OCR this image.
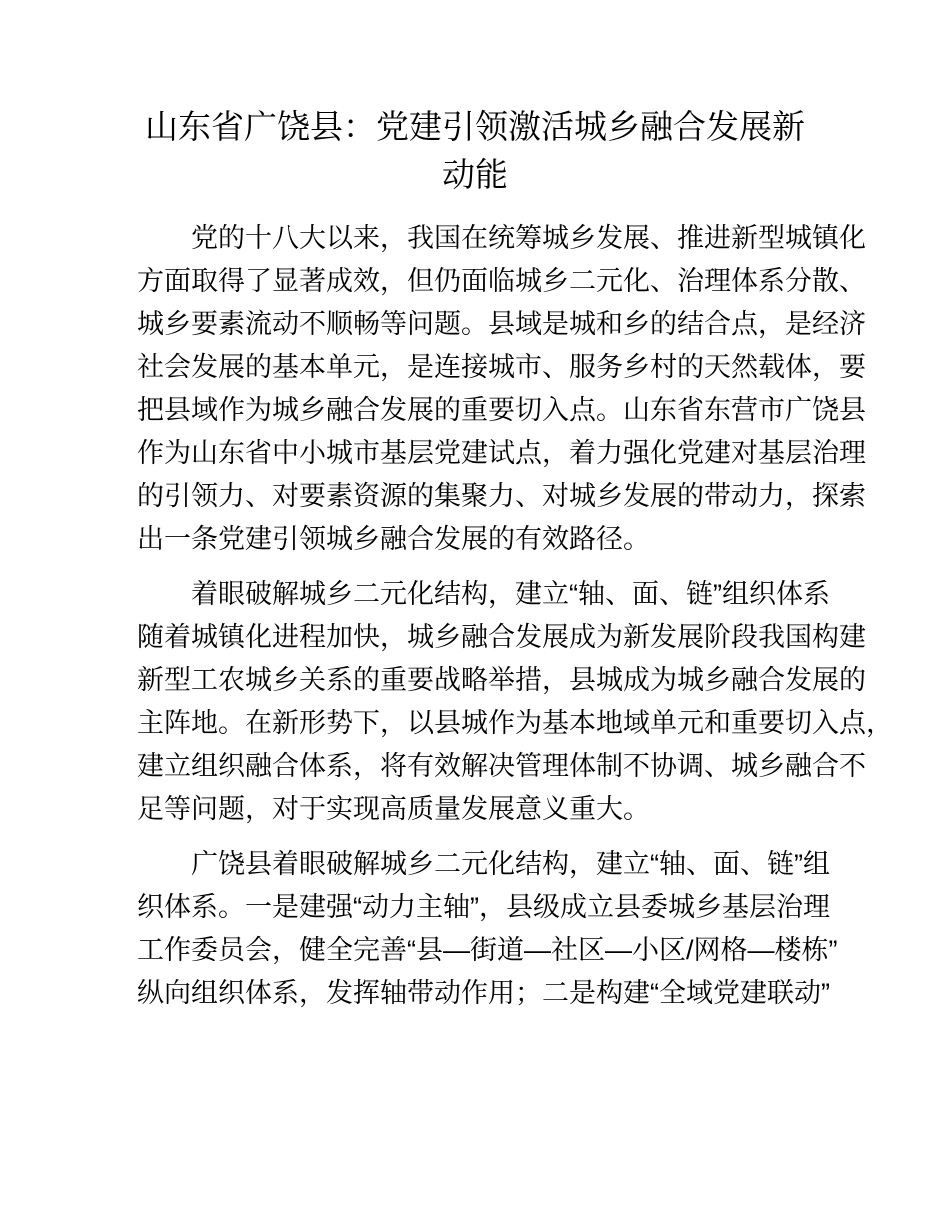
山东省广饶县：党建引领激活城乡融合发展新
动能

党的十八大以来，我国在统筹城乡发展、推进新型城镇化
方面取得了显著成效，但仍面临城乡二元化、治理体系分散、
城乡要素流动不顺畅等问题。县域是城和乡的结合点，是经济
社会发展的基本单元，是连接城市、服务乡村的天然载体，要
把县域作为城乡融合发展的重要切入点。山东省东营市广饶县
作为山东省中小城市基层党建试点，着力强化党建对基层治理
的引领力、对要素资源的集聚力、对城乡发展的带动力，探索
出一条党建引领城乡融合发展的有效路径。

着眼破解城乡二元化结构，建立“轴、面、链”组织体系
随着城镇化进程加快，城乡融合发展成为新发展阶段我国构建
新型工农城乡关系的重要战略举措，县城成为城乡融合发展的
主阵地。在新形势下，以县城作为基本地域单元和重要切入点，
建立组织融合体系，将有效解决管理体制不协调、城乡融合不
足等问题，对于实现高质量发展意义重大。

广饶县着眼破解城乡二元化结构，建立“轴、面、链”组
织体系。一是建强“动力主轴”，县级成立县委城乡基层治理
工作委员会，健全完善“县—街道—社区—小区/网格—楼栋”
纵向组织体系，发挥轴带动作用；二是构建“全域党建联动”
